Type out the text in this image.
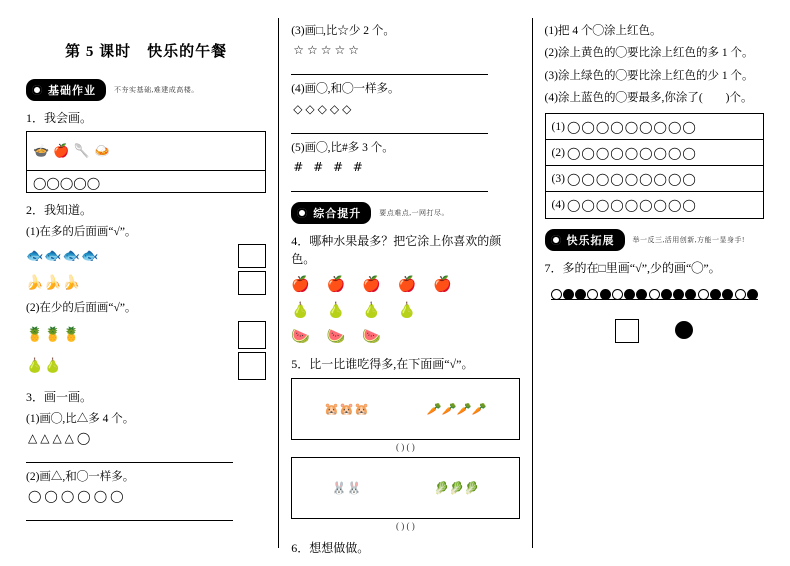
第 5 课时　快乐的午餐
基础作业	不夯实基础,难建成高楼。
1．我会画。
🍲 🍎 🥄 🍛
◯◯◯◯◯
2．我知道。
(1)在多的后面画“√”。
🐟🐟🐟🐟
🍌🍌🍌
(2)在少的后面画“√”。
🍍🍍🍍
🍐🍐
3．画一画。
(1)画◯,比△多 4 个。
△△△△◯
(2)画△,和◯一样多。
◯◯◯◯◯◯
(3)画□,比☆少 2 个。
☆☆☆☆☆
(4)画◯,和◯一样多。
◇◇◇◇◇
(5)画◯,比#多 3 个。
# # # #
综合提升	要点难点,一网打尽。
4．哪种水果最多？把它涂上你喜欢的颜色。
🍎 🍎 🍎 🍎 🍎
🍐 🍐 🍐 🍐
🍉 🍉 🍉
5．比一比谁吃得多,在下面画“√”。
🐹🐹🐹	🥕🥕🥕🥕
( ) ( )
🐰🐰	🥬🥬🥬
( ) ( )
6．想想做做。
(1)把 4 个◯涂上红色。
(2)涂上黄色的◯要比涂上红色的多 1 个。
(3)涂上绿色的◯要比涂上红色的少 1 个。
(4)涂上蓝色的◯要最多,你涂了(　　)个。
(1) ◯◯◯◯◯◯◯◯◯
(2) ◯◯◯◯◯◯◯◯◯
(3) ◯◯◯◯◯◯◯◯◯
(4) ◯◯◯◯◯◯◯◯◯
快乐拓展	举一反三,活用创新,方能一显身手!
7．多的在□里画“√”,少的画“◯”。
